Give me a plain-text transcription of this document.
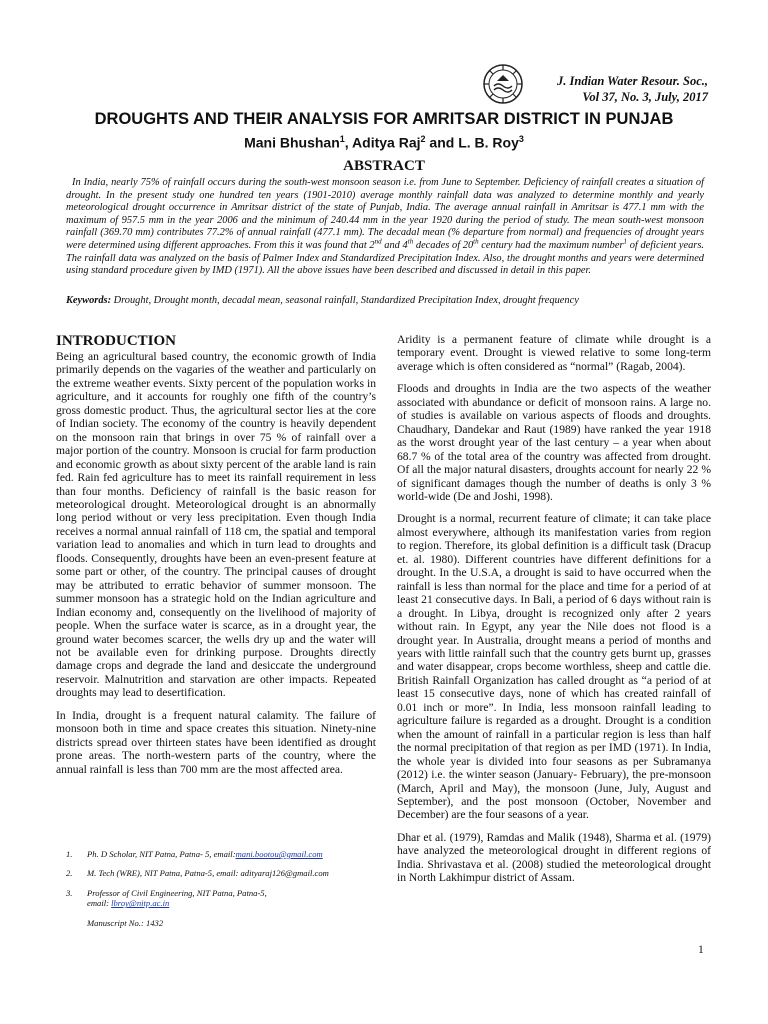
J. Indian Water Resour. Soc.,
Vol 37, No. 3, July, 2017
DROUGHTS AND THEIR ANALYSIS FOR AMRITSAR DISTRICT IN PUNJAB
Mani Bhushan$^1$, Aditya Raj$^2$ and L. B. Roy$^3$
ABSTRACT

In India, nearly 75% of rainfall occurs during the south-west monsoon season i.e. from June to September. Deficiency of rainfall creates a situation of drought. In the present study one hundred ten years (1901-2010) average monthly rainfall data was analyzed to determine monthly and yearly meteorological drought occurrence in Amritsar district of the state of Punjab, India. The average annual rainfall in Amritsar is 477.1 mm with the maximum of 957.5 mm in the year 2006 and the minimum of 240.44 mm in the year 1920 during the period of study. The mean south-west monsoon rainfall (369.70 mm) contributes 77.2% of annual rainfall (477.1 mm). The decadal mean (% departure from normal) and frequencies of drought years were determined using different approaches. From this it was found that 2nd and 4th decades of 20th century had the maximum number$^1$ of deficient years. The rainfall data was analyzed on the basis of Palmer Index and Standardized Precipitation Index. Also, the drought months and years were determined using standard procedure given by IMD (1971). All the above issues have been described and discussed in detail in this paper.

Keywords: Drought, Drought month, decadal mean, seasonal rainfall, Standardized Precipitation Index, drought frequency

INTRODUCTION

Being an agricultural based country, the economic growth of India primarily depends on the vagaries of the weather and particularly on the extreme weather events. Sixty percent of the population works in agriculture, and it accounts for roughly one fifth of the country’s gross domestic product. Thus, the agricultural sector lies at the core of Indian society. The economy of the country is heavily dependent on the monsoon rain that brings in over 75 % of rainfall over a major portion of the country. Monsoon is crucial for farm production and economic growth as about sixty percent of the arable land is rain fed. Rain fed agriculture has to meet its rainfall requirement in less than four months. Deficiency of rainfall is the basic reason for meteorological drought. Meteorological drought is an abnormally long period without or very less precipitation. Even though India receives a normal annual rainfall of 118 cm, the spatial and temporal variation lead to anomalies and which in turn lead to droughts and floods. Consequently, droughts have been an even-present feature at some part or other, of the country. The principal causes of drought may be attributed to erratic behavior of summer monsoon. The summer monsoon has a strategic hold on the Indian agriculture and Indian economy and, consequently on the livelihood of majority of people. When the surface water is scarce, as in a drought year, the ground water becomes scarcer, the wells dry up and the water will not be available even for drinking purpose. Droughts directly damage crops and degrade the land and desiccate the underground reservoir. Malnutrition and starvation are other impacts. Repeated droughts may lead to desertification.

In India, drought is a frequent natural calamity. The failure of monsoon both in time and space creates this situation. Ninety-nine districts spread over thirteen states have been identified as drought prone areas. The north-western parts of the country, where the annual rainfall is less than 700 mm are the most affected area.

1. Ph. D Scholar, NIT Patna, Patna- 5, email:mani.bootou@gmail.com
2. M. Tech (WRE), NIT Patna, Patna-5, email: adityaraj126@gmail.com
3. Professor of Civil Engineering, NIT Patna, Patna-5,
email: lbroy@nitp.ac.in
Manuscript No.: 1432

Aridity is a permanent feature of climate while drought is a temporary event. Drought is viewed relative to some long-term average which is often considered as “normal” (Ragab, 2004).

Floods and droughts in India are the two aspects of the weather associated with abundance or deficit of monsoon rains. A large no. of studies is available on various aspects of floods and droughts. Chaudhary, Dandekar and Raut (1989) have ranked the year 1918 as the worst drought year of the last century – a year when about 68.7 % of the total area of the country was affected from drought. Of all the major natural disasters, droughts account for nearly 22 % of significant damages though the number of deaths is only 3 % world-wide (De and Joshi, 1998).

Drought is a normal, recurrent feature of climate; it can take place almost everywhere, although its manifestation varies from region to region. Therefore, its global definition is a difficult task (Dracup et. al. 1980). Different countries have different definitions for a drought. In the U.S.A, a drought is said to have occurred when the rainfall is less than normal for the place and time for a period of at least 21 consecutive days. In Bali, a period of 6 days without rain is a drought. In Libya, drought is recognized only after 2 years without rain. In Egypt, any year the Nile does not flood is a drought year. In Australia, drought means a period of months and years with little rainfall such that the country gets burnt up, grasses and water disappear, crops become worthless, sheep and cattle die. British Rainfall Organization has called drought as “a period of at least 15 consecutive days, none of which has created rainfall of 0.01 inch or more”. In India, less monsoon rainfall leading to agriculture failure is regarded as a drought. Drought is a condition when the amount of rainfall in a particular region is less than half the normal precipitation of that region as per IMD (1971). In India, the whole year is divided into four seasons as per Subramanya (2012) i.e. the winter season (January- February), the pre-monsoon (March, April and May), the monsoon (June, July, August and September), and the post monsoon (October, November and December) are the four seasons of a year.

Dhar et al. (1979), Ramdas and Malik (1948), Sharma et al. (1979) have analyzed the meteorological drought in different regions of India. Shrivastava et al. (2008) studied the meteorological drought in North Lakhimpur district of Assam.

1
